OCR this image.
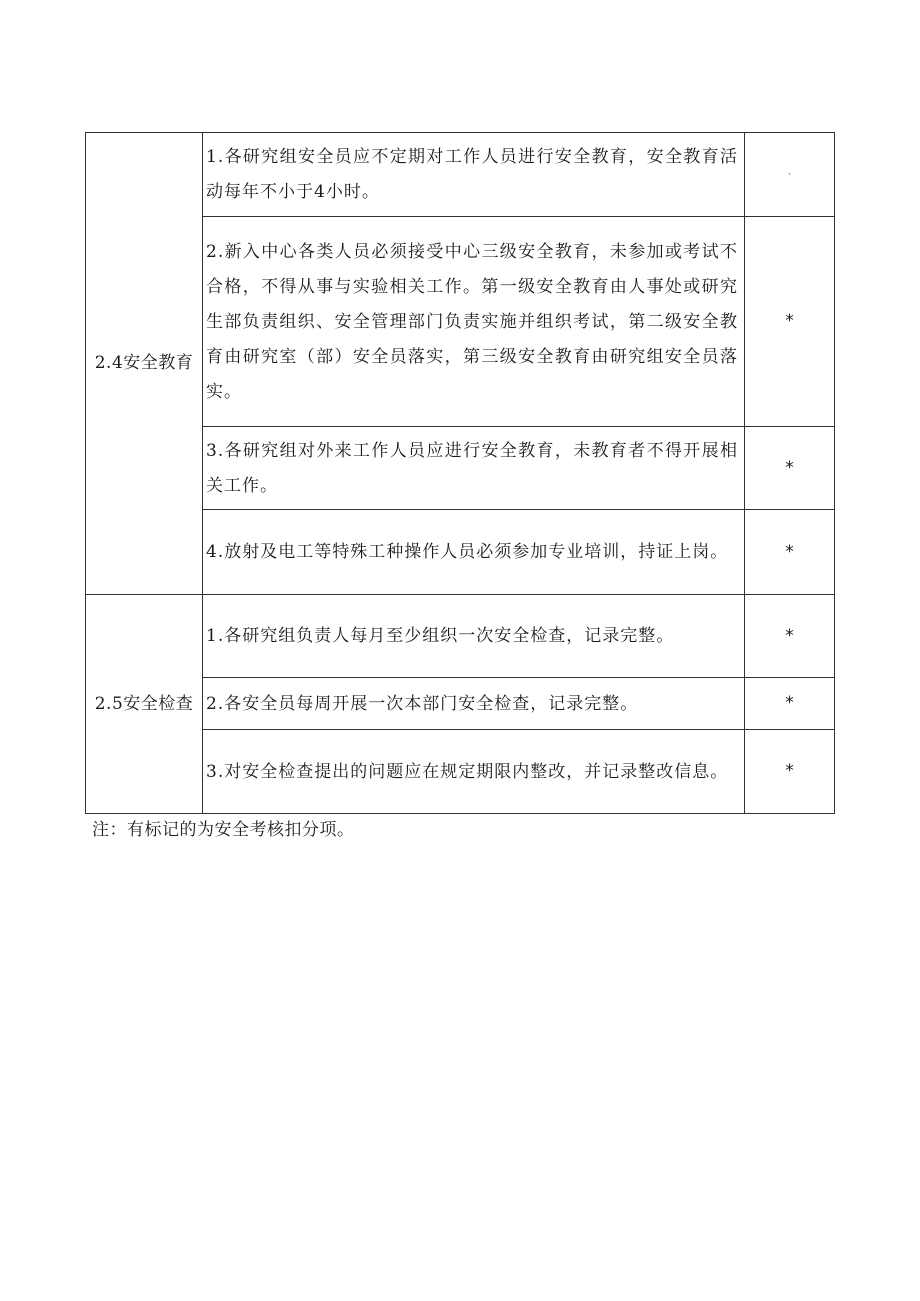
2.4安全教育	1.各研究组安全员应不定期对工作人员进行安全教育，安全教育活动每年不小于4小时。	·
	2.新入中心各类人员必须接受中心三级安全教育，未参加或考试不合格，不得从事与实验相关工作。第一级安全教育由人事处或研究生部负责组织、安全管理部门负责实施并组织考试，第二级安全教育由研究室（部）安全员落实，第三级安全教育由研究组安全员落实。	*
	3.各研究组对外来工作人员应进行安全教育，未教育者不得开展相关工作。	*
	4.放射及电工等特殊工种操作人员必须参加专业培训，持证上岗。	*
2.5安全检查	1.各研究组负责人每月至少组织一次安全检查，记录完整。	*
	2.各安全员每周开展一次本部门安全检查，记录完整。	*
	3.对安全检查提出的问题应在规定期限内整改，并记录整改信息。	*
注：有标记的为安全考核扣分项。
